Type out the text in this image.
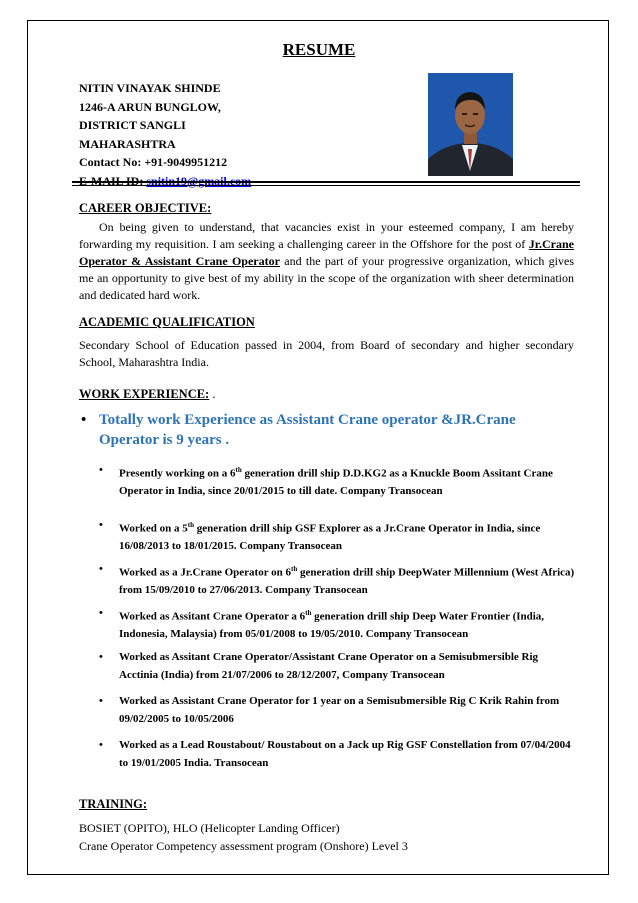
RESUME
NITIN VINAYAK SHINDE
1246-A ARUN BUNGLOW,
DISTRICT SANGLI
MAHARASHTRA
Contact No: +91-9049951212
E-MAIL ID: snitin19@gmail.com
CAREER OBJECTIVE:
On being given to understand, that vacancies exist in your esteemed company, I am hereby forwarding my requisition. I am seeking a challenging career in the Offshore for the post of Jr.Crane Operator & Assistant Crane Operator and the part of your progressive organization, which gives me an opportunity to give best of my ability in the scope of the organization with sheer determination and dedicated hard work.
ACADEMIC QUALIFICATION
Secondary School of Education passed in 2004, from Board of secondary and higher secondary School, Maharashtra India.
WORK EXPERIENCE: .
• Totally work Experience as Assistant Crane operator &JR.Crane Operator is 9 years .
• Presently working on a 6th generation drill ship D.D.KG2 as a Knuckle Boom Assitant Crane Operator in India, since 20/01/2015 to till date. Company Transocean
• Worked on a 5th generation drill ship GSF Explorer as a Jr.Crane Operator in India, since 16/08/2013 to 18/01/2015. Company Transocean
• Worked as a Jr.Crane Operator on 6th generation drill ship DeepWater Millennium (West Africa) from 15/09/2010 to 27/06/2013. Company Transocean
• Worked as Assitant Crane Operator a 6th generation drill ship Deep Water Frontier (India, Indonesia, Malaysia) from 05/01/2008 to 19/05/2010. Company Transocean
• Worked as Assitant Crane Operator/Assistant Crane Operator on a Semisubmersible Rig Acctinia (India) from 21/07/2006 to 28/12/2007, Company Transocean
• Worked as Assistant Crane Operator for 1 year on a Semisubmersible Rig C Krik Rahin from 09/02/2005 to 10/05/2006
• Worked as a Lead Roustabout/ Roustabout on a Jack up Rig GSF Constellation from 07/04/2004 to 19/01/2005 India. Transocean
TRAINING:
BOSIET (OPITO), HLO (Helicopter Landing Officer)
Crane Operator Competency assessment program (Onshore) Level 3
